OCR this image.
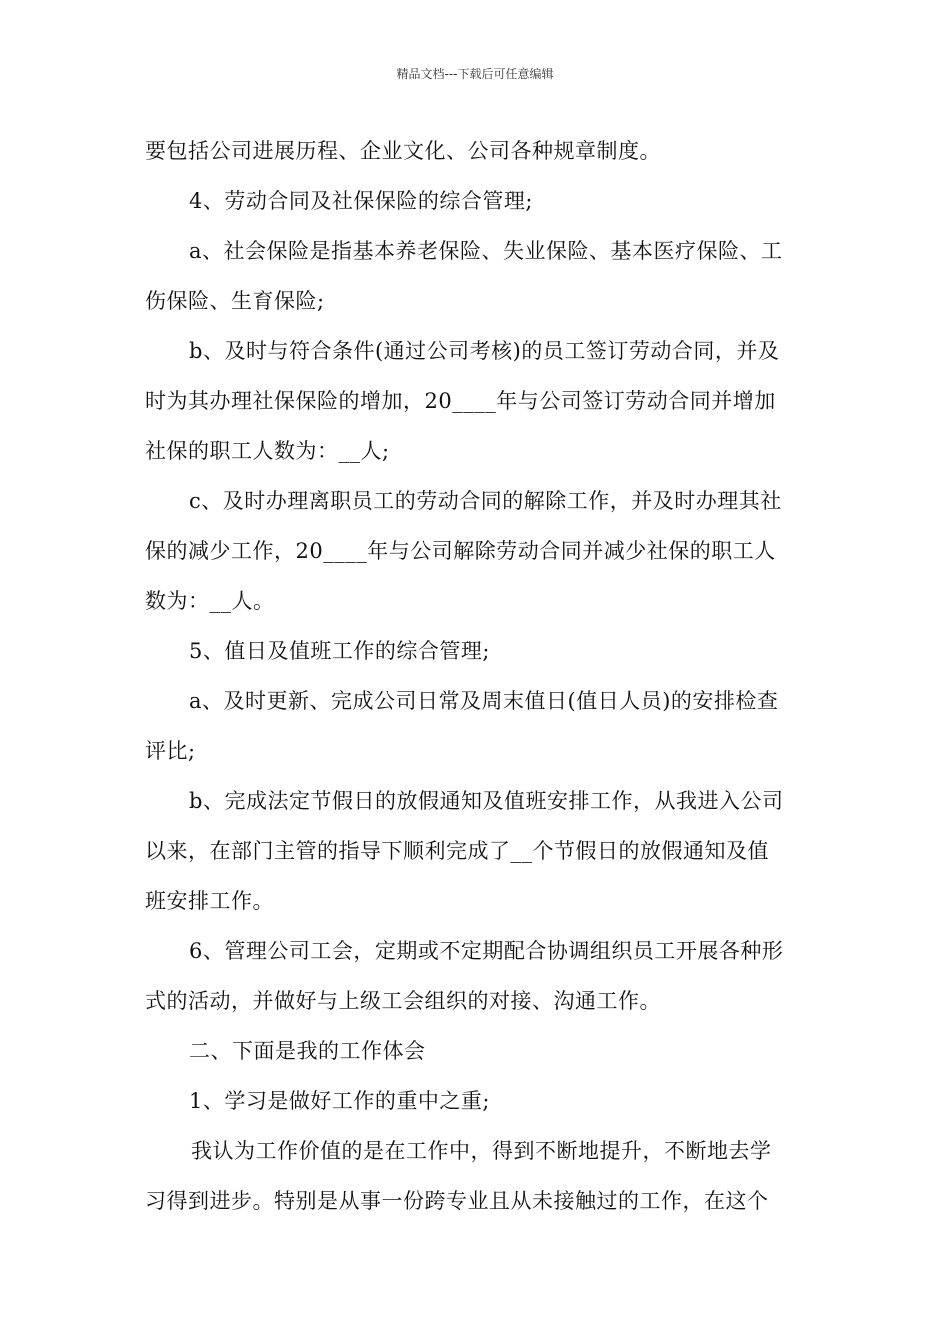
精品文档---下载后可任意编辑
要包括公司进展历程、企业文化、公司各种规章制度。
4、劳动合同及社保保险的综合管理;
a、社会保险是指基本养老保险、失业保险、基本医疗保险、工
伤保险、生育保险;
b、及时与符合条件(通过公司考核)的员工签订劳动合同，并及
时为其办理社保保险的增加，20____年与公司签订劳动合同并增加
社保的职工人数为：__人;
c、及时办理离职员工的劳动合同的解除工作，并及时办理其社
保的减少工作，20____年与公司解除劳动合同并减少社保的职工人
数为：__人。
5、值日及值班工作的综合管理;
a、及时更新、完成公司日常及周末值日(值日人员)的安排检查
评比;
b、完成法定节假日的放假通知及值班安排工作，从我进入公司
以来，在部门主管的指导下顺利完成了__个节假日的放假通知及值
班安排工作。
6、管理公司工会，定期或不定期配合协调组织员工开展各种形
式的活动，并做好与上级工会组织的对接、沟通工作。
二、下面是我的工作体会
1、学习是做好工作的重中之重;
我认为工作价值的是在工作中，得到不断地提升，不断地去学
习得到进步。特别是从事一份跨专业且从未接触过的工作，在这个
